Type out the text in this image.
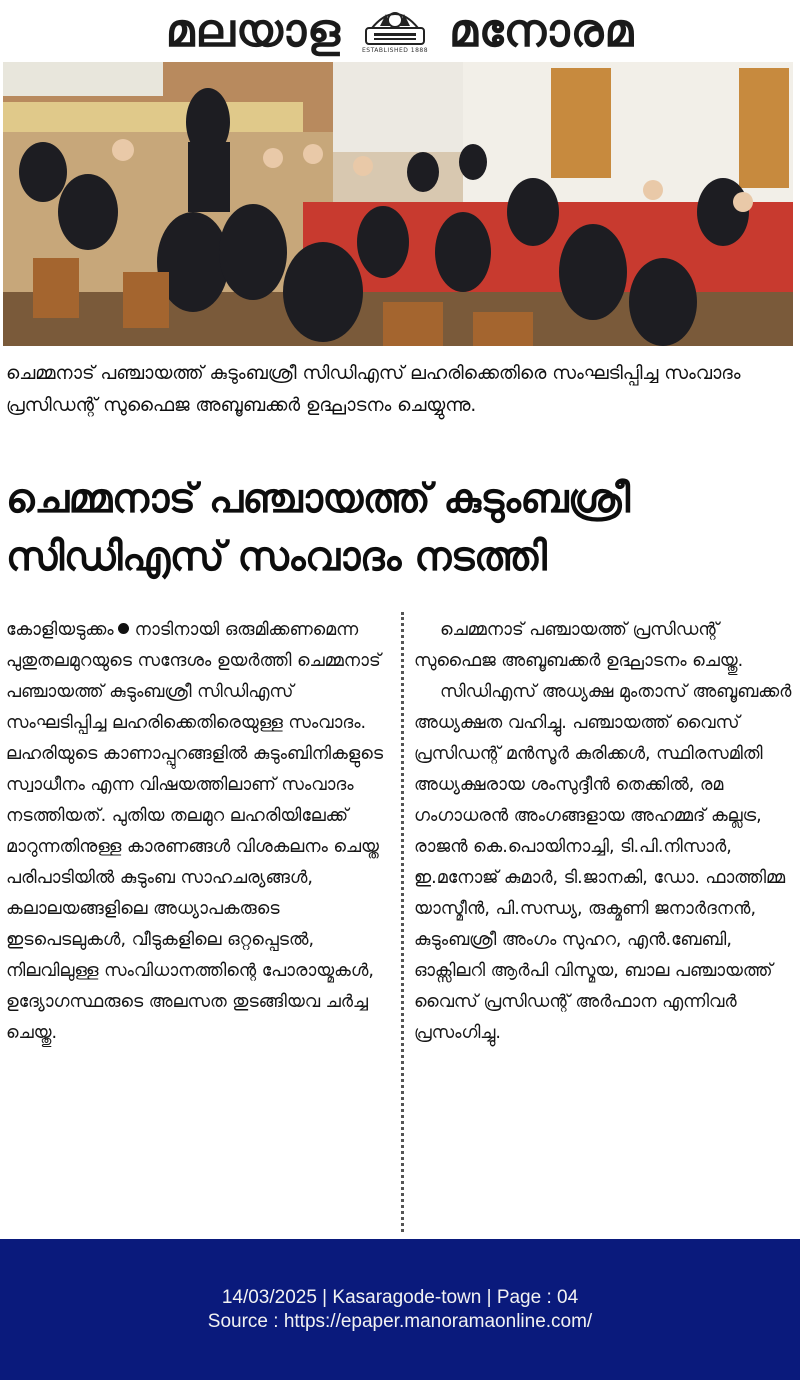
മലയാള	ESTABLISHED 1888 മനോരമ
ചെമ്മനാട് പഞ്ചായത്ത് കുടുംബശ്രീ സിഡിഎസ് ലഹരിക്കെതിരെ സംഘടിപ്പിച്ച സംവാദം പ്രസിഡന്റ് സുഫൈജ അബൂബക്കർ ഉദ്ഘാടനം ചെയ്യുന്നു.
ചെമ്മനാട് പഞ്ചായത്ത് കുടുംബശ്രീ
സിഡിഎസ് സംവാദം നടത്തി

കോളിയടുക്കം നാടിനായി ഒരുമിക്കണമെന്ന പുതുതലമുറയുടെ സന്ദേശം ഉയർത്തി ചെമ്മനാട് പഞ്ചായത്ത് കുടുംബശ്രീ സിഡിഎസ് സംഘടിപ്പിച്ച ലഹരിക്കെതിരെയുള്ള സംവാദം. ലഹരിയുടെ കാണാപ്പുറങ്ങളിൽ കുടുംബിനികളുടെ സ്വാധീനം എന്ന വിഷയത്തിലാണ് സംവാദം നടത്തിയത്. പുതിയ തലമുറ ലഹരിയിലേക്ക് മാറുന്നതിനുള്ള കാരണങ്ങൾ വിശകലനം ചെയ്ത പരിപാടിയിൽ കുടുംബ സാഹചര്യങ്ങൾ, കലാലയങ്ങളിലെ അധ്യാപകരുടെ ഇടപെടലുകൾ, വീടുകളിലെ ഒറ്റപ്പെടൽ, നിലവിലുള്ള സംവിധാനത്തിന്റെ പോരായ്മകൾ, ഉദ്യോഗസ്ഥരുടെ അലസത തുടങ്ങിയവ ചർച്ച ചെയ്തു.

ചെമ്മനാട് പഞ്ചായത്ത് പ്രസിഡന്റ് സുഫൈജ അബൂബക്കർ ഉദ്ഘാടനം ചെയ്തു.

സിഡിഎസ് അധ്യക്ഷ മുംതാസ് അബൂബക്കർ അധ്യക്ഷത വഹിച്ചു. പഞ്ചായത്ത് വൈസ് പ്രസിഡന്റ് മൻസൂർ കുരിക്കൾ, സ്ഥിരസമിതി അധ്യക്ഷരായ ശംസുദ്ദീൻ തെക്കിൽ, രമ ഗംഗാധരൻ അംഗങ്ങളായ അഹമ്മദ് കല്ലട്ര, രാജൻ കെ.പൊയിനാച്ചി, ടി.പി.നിസാർ, ഇ.മനോജ് കുമാർ, ടി.ജാനകി, ഡോ. ഫാത്തിമ്മ യാസ്മീൻ, പി.സന്ധ്യ, രുക്മണി ജനാർദനൻ, കുടുംബശ്രീ അംഗം സുഹറ, എൻ.ബേബി, ഓക്സിലറി ആർപി വിസ്മയ, ബാല പഞ്ചായത്ത് വൈസ് പ്രസിഡന്റ് അർഫാന എന്നിവർ പ്രസംഗിച്ചു.

14/03/2025 | Kasaragode-town | Page : 04
Source : https://epaper.manoramaonline.com/
